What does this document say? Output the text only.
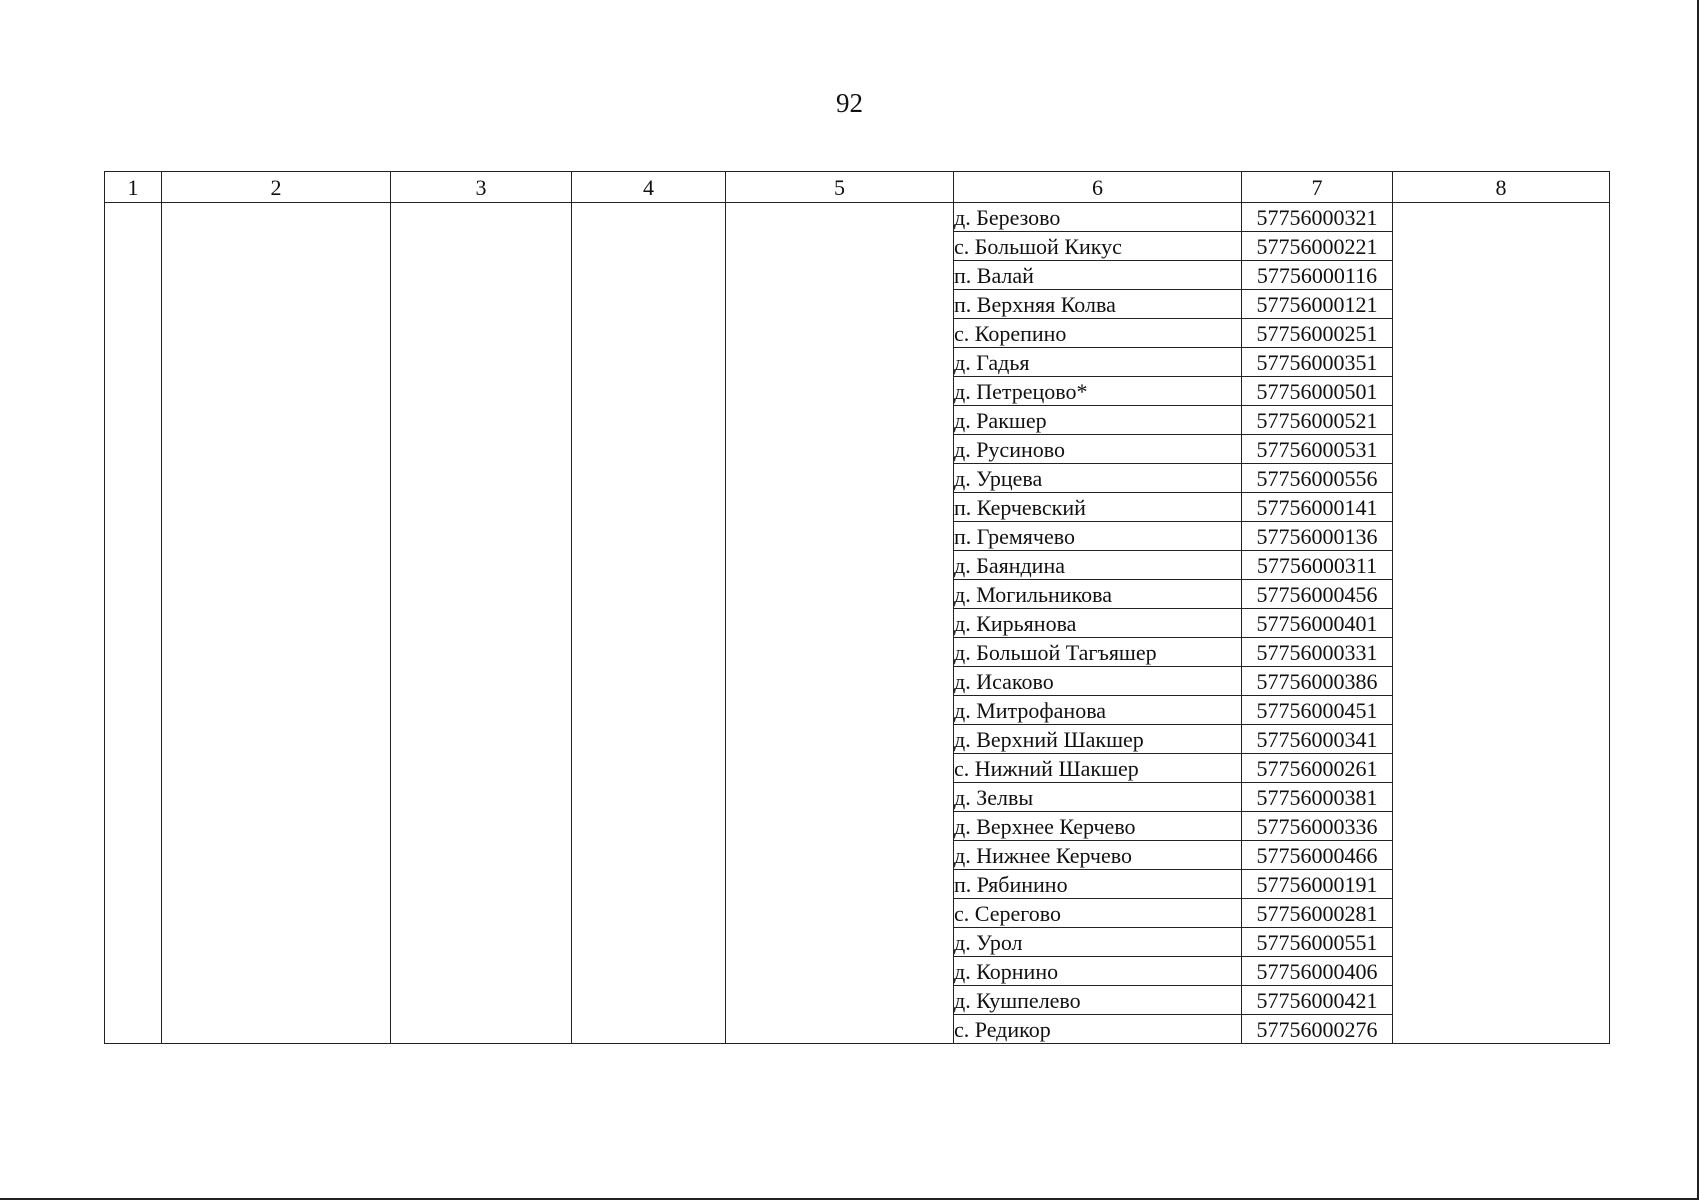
92
1	2	3	4	5	6	7	8
					д. Березово	57756000321	
					с. Большой Кикус	57756000221	
					п. Валай	57756000116	
					п. Верхняя Колва	57756000121	
					с. Корепино	57756000251	
					д. Гадья	57756000351	
					д. Петрецово*	57756000501	
					д. Ракшер	57756000521	
					д. Русиново	57756000531	
					д. Урцева	57756000556	
					п. Керчевский	57756000141	
					п. Гремячево	57756000136	
					д. Баяндина	57756000311	
					д. Могильникова	57756000456	
					д. Кирьянова	57756000401	
					д. Большой Тагъяшер	57756000331	
					д. Исаково	57756000386	
					д. Митрофанова	57756000451	
					д. Верхний Шакшер	57756000341	
					с. Нижний Шакшер	57756000261	
					д. Зелвы	57756000381	
					д. Верхнее Керчево	57756000336	
					д. Нижнее Керчево	57756000466	
					п. Рябинино	57756000191	
					с. Серегово	57756000281	
					д. Урол	57756000551	
					д. Корнино	57756000406	
					д. Кушпелево	57756000421	
					с. Редикор	57756000276	
